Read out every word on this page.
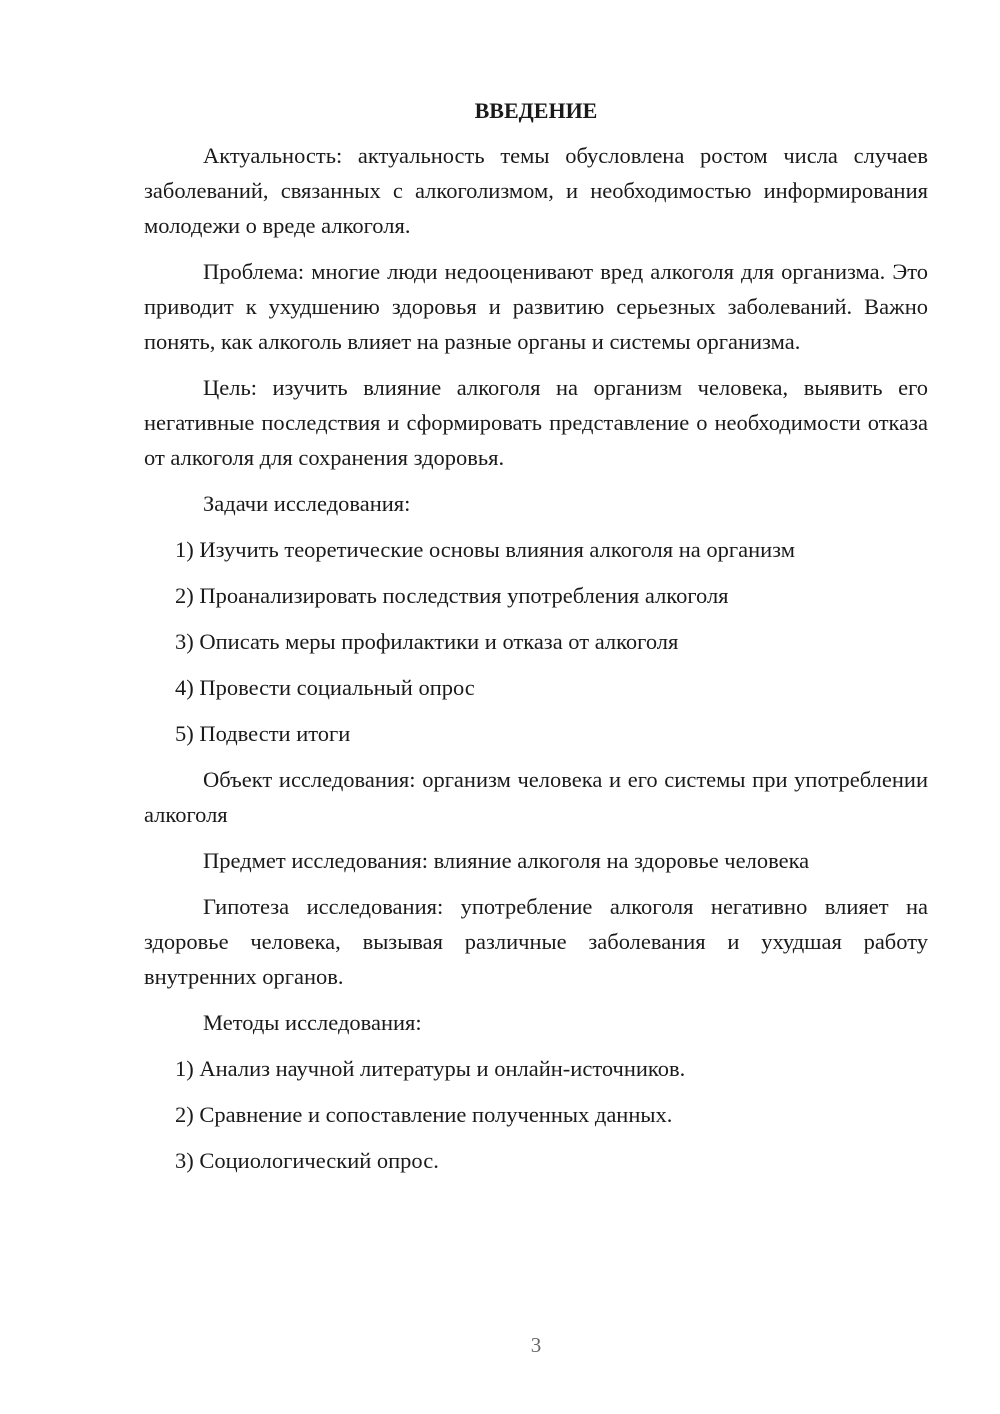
ВВЕДЕНИЕ
Актуальность: актуальность темы обусловлена ростом числа случаев заболеваний, связанных с алкоголизмом, и необходимостью информирования молодежи о вреде алкоголя.
Проблема: многие люди недооценивают вред алкоголя для организма. Это приводит к ухудшению здоровья и развитию серьезных заболеваний. Важно понять, как алкоголь влияет на разные органы и системы организма.
Цель: изучить влияние алкоголя на организм человека, выявить его негативные последствия и сформировать представление о необходимости отказа от алкоголя для сохранения здоровья.
Задачи исследования:
1) Изучить теоретические основы влияния алкоголя на организм
2) Проанализировать последствия употребления алкоголя
3) Описать меры профилактики и отказа от алкоголя
4) Провести социальный опрос
5) Подвести итоги
Объект исследования: организм человека и его системы при употреблении алкоголя
Предмет исследования: влияние алкоголя на здоровье человека
Гипотеза исследования: употребление алкоголя негативно влияет на здоровье человека, вызывая различные заболевания и ухудшая работу внутренних органов.
Методы исследования:
1) Анализ научной литературы и онлайн-источников.
2) Сравнение и сопоставление полученных данных.
3) Социологический опрос.
3
